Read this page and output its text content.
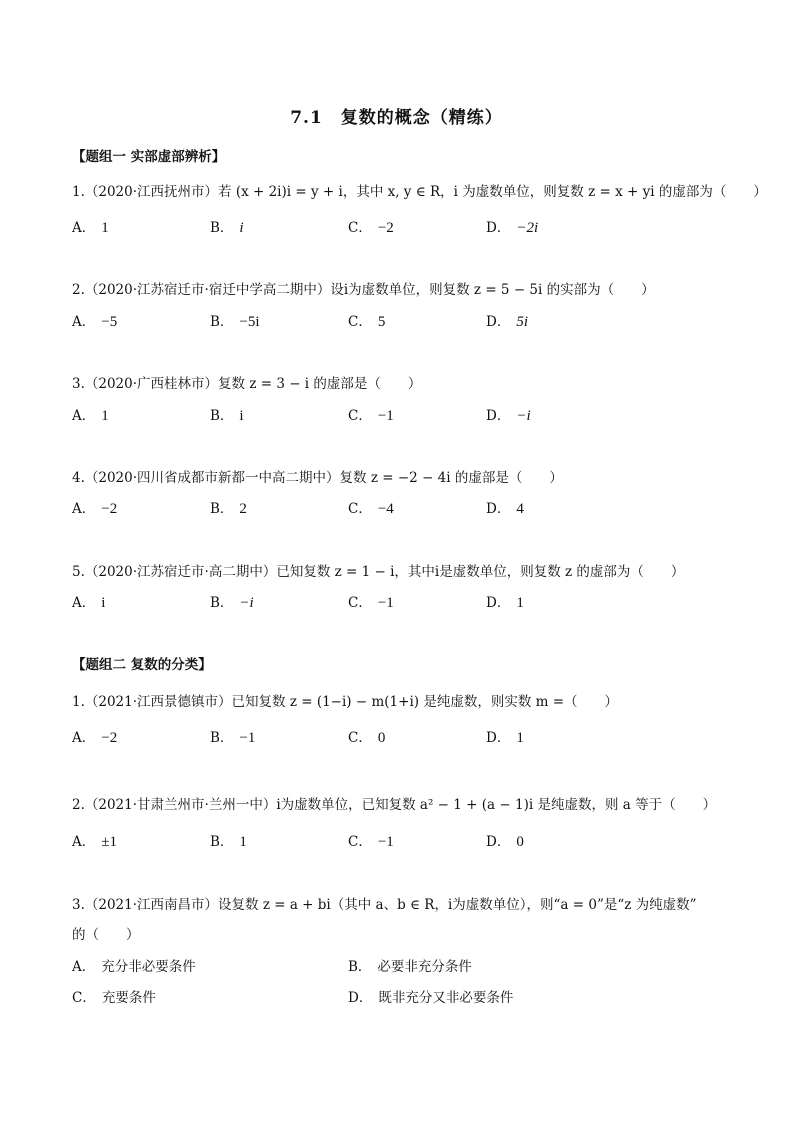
7.1　复数的概念（精练）
【题组一 实部虚部辨析】
1.（2020·江西抚州市）若 (x + 2i)i = y + i，其中 x, y ∈ R，i 为虚数单位，则复数 z = x + yi 的虚部为（　　）
A． 1	B． i	C． −2	D． −2i
2.（2020·江苏宿迁市·宿迁中学高二期中）设i为虚数单位，则复数 z = 5 − 5i 的实部为（　　）
A． −5	B． −5i	C． 5	D． 5i
3.（2020·广西桂林市）复数 z = 3 − i 的虚部是（　　）
A． 1	B． i	C． −1	D． −i
4.（2020·四川省成都市新都一中高二期中）复数 z = −2 − 4i 的虚部是（　　）
A． −2	B． 2	C． −4	D． 4
5.（2020·江苏宿迁市·高二期中）已知复数 z = 1 − i，其中i是虚数单位，则复数 z 的虚部为（　　）
A． i	B． −i	C． −1	D． 1
【题组二 复数的分类】
1.（2021·江西景德镇市）已知复数 z = (1−i) − m(1+i) 是纯虚数，则实数 m =（　　）
A． −2	B． −1	C． 0	D． 1
2.（2021·甘肃兰州市·兰州一中）i为虚数单位，已知复数 a² − 1 + (a − 1)i 是纯虚数，则 a 等于（　　）
A． ±1	B． 1	C． −1	D． 0
3.（2021·江西南昌市）设复数 z = a + bi（其中 a、b ∈ R，i为虚数单位），则“a = 0”是“z 为纯虚数”
的（　　）
A． 充分非必要条件	B． 必要非充分条件
C． 充要条件	D． 既非充分又非必要条件
